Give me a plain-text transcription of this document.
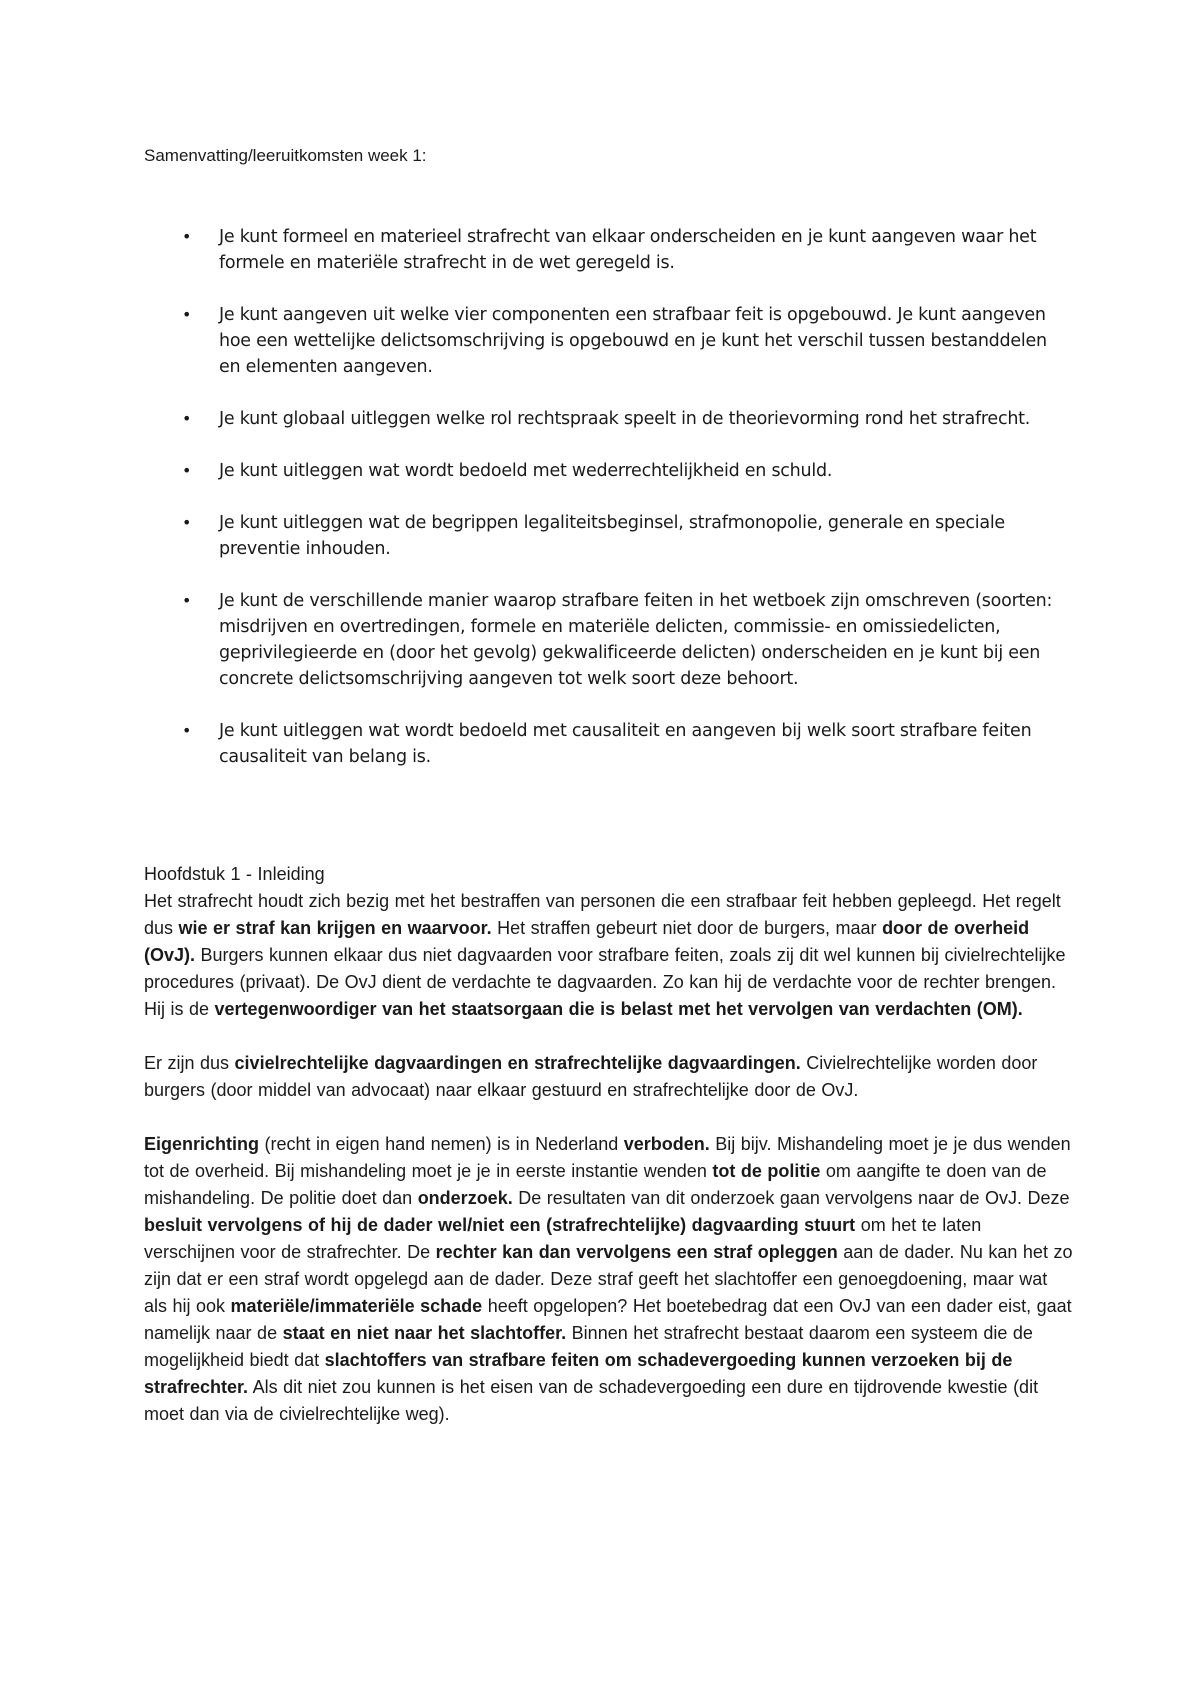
Samenvatting/leeruitkomsten week 1:

• Je kunt formeel en materieel strafrecht van elkaar onderscheiden en je kunt aangeven waar het formele en materiële strafrecht in de wet geregeld is.
• Je kunt aangeven uit welke vier componenten een strafbaar feit is opgebouwd. Je kunt aangeven hoe een wettelijke delictsomschrijving is opgebouwd en je kunt het verschil tussen bestanddelen en elementen aangeven.
• Je kunt globaal uitleggen welke rol rechtspraak speelt in de theorievorming rond het strafrecht.
• Je kunt uitleggen wat wordt bedoeld met wederrechtelijkheid en schuld.
• Je kunt uitleggen wat de begrippen legaliteitsbeginsel, strafmonopolie, generale en speciale preventie inhouden.
• Je kunt de verschillende manier waarop strafbare feiten in het wetboek zijn omschreven (soorten: misdrijven en overtredingen, formele en materiële delicten, commissie- en omissiedelicten, geprivilegieerde en (door het gevolg) gekwalificeerde delicten) onderscheiden en je kunt bij een concrete delictsomschrijving aangeven tot welk soort deze behoort.
• Je kunt uitleggen wat wordt bedoeld met causaliteit en aangeven bij welk soort strafbare feiten causaliteit van belang is.

Hoofdstuk 1 - Inleiding
Het strafrecht houdt zich bezig met het bestraffen van personen die een strafbaar feit hebben gepleegd. Het regelt dus wie er straf kan krijgen en waarvoor. Het straffen gebeurt niet door de burgers, maar door de overheid (OvJ). Burgers kunnen elkaar dus niet dagvaarden voor strafbare feiten, zoals zij dit wel kunnen bij civielrechtelijke procedures (privaat). De OvJ dient de verdachte te dagvaarden. Zo kan hij de verdachte voor de rechter brengen. Hij is de vertegenwoordiger van het staatsorgaan die is belast met het vervolgen van verdachten (OM).

Er zijn dus civielrechtelijke dagvaardingen en strafrechtelijke dagvaardingen. Civielrechtelijke worden door burgers (door middel van advocaat) naar elkaar gestuurd en strafrechtelijke door de OvJ.

Eigenrichting (recht in eigen hand nemen) is in Nederland verboden. Bij bijv. Mishandeling moet je je dus wenden tot de overheid. Bij mishandeling moet je je in eerste instantie wenden tot de politie om aangifte te doen van de mishandeling. De politie doet dan onderzoek. De resultaten van dit onderzoek gaan vervolgens naar de OvJ. Deze besluit vervolgens of hij de dader wel/niet een (strafrechtelijke) dagvaarding stuurt om het te laten verschijnen voor de strafrechter. De rechter kan dan vervolgens een straf opleggen aan de dader. Nu kan het zo zijn dat er een straf wordt opgelegd aan de dader. Deze straf geeft het slachtoffer een genoegdoening, maar wat als hij ook materiële/immateriële schade heeft opgelopen? Het boetebedrag dat een OvJ van een dader eist, gaat namelijk naar de staat en niet naar het slachtoffer. Binnen het strafrecht bestaat daarom een systeem die de mogelijkheid biedt dat slachtoffers van strafbare feiten om schadevergoeding kunnen verzoeken bij de strafrechter. Als dit niet zou kunnen is het eisen van de schadevergoeding een dure en tijdrovende kwestie (dit moet dan via de civielrechtelijke weg).
